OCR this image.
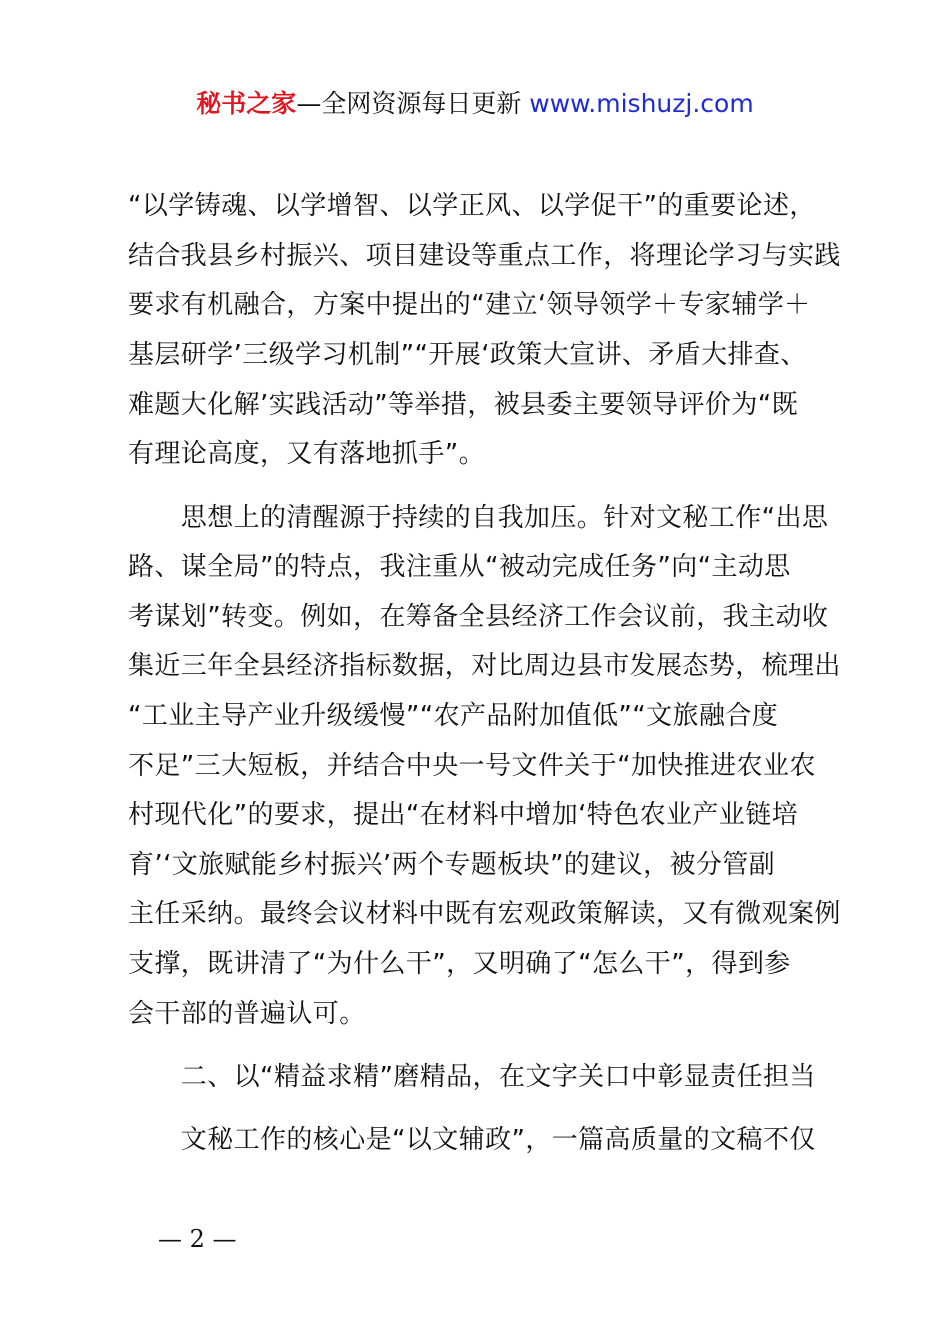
秘书之家—全网资源每日更新 www.mishuzj.com
“以学铸魂、以学增智、以学正风、以学促干”的重要论述，
结合我县乡村振兴、项目建设等重点工作，将理论学习与实践
要求有机融合，方案中提出的“建立‘领导领学＋专家辅学＋
基层研学’三级学习机制”“开展‘政策大宣讲、矛盾大排查、
难题大化解’实践活动”等举措，被县委主要领导评价为“既
有理论高度，又有落地抓手”。
　　思想上的清醒源于持续的自我加压。针对文秘工作“出思
路、谋全局”的特点，我注重从“被动完成任务”向“主动思
考谋划”转变。例如，在筹备全县经济工作会议前，我主动收
集近三年全县经济指标数据，对比周边县市发展态势，梳理出
“工业主导产业升级缓慢”“农产品附加值低”“文旅融合度
不足”三大短板，并结合中央一号文件关于“加快推进农业农
村现代化”的要求，提出“在材料中增加‘特色农业产业链培
育’‘文旅赋能乡村振兴’两个专题板块”的建议，被分管副
主任采纳。最终会议材料中既有宏观政策解读，又有微观案例
支撑，既讲清了“为什么干”，又明确了“怎么干”，得到参
会干部的普遍认可。
　　二、以“精益求精”磨精品，在文字关口中彰显责任担当
　　文秘工作的核心是“以文辅政”，一篇高质量的文稿不仅
— 2 —
